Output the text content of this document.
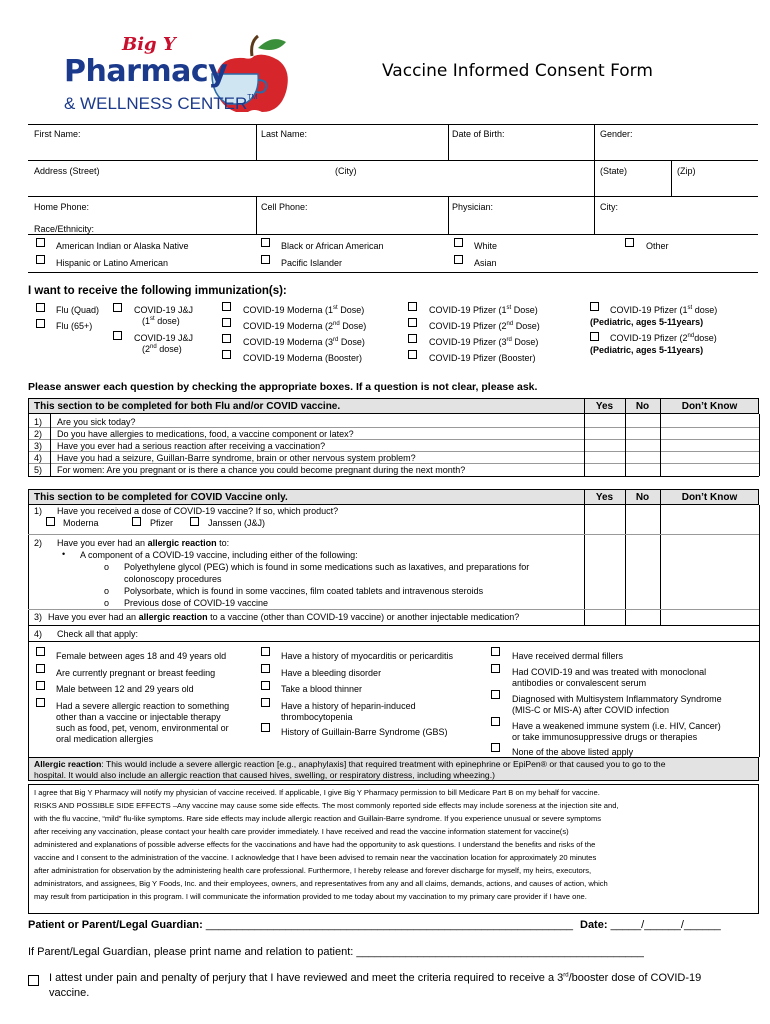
Big Y
Pharmacy
& WELLNESS CENTER™
Vaccine Informed Consent Form
First Name:	Last Name:	Date of Birth:	Gender:
Address (Street)	(City)	(State)	(Zip)
Home Phone:	Cell Phone:	Physician:	City:
Race/Ethnicity:
American Indian or Alaska Native	Black or African American	White	Other
Hispanic or Latino American	Pacific Islander	Asian
I want to receive the following immunization(s):
Flu (Quad)
Flu (65+)
COVID-19 J&J
(1st dose)
COVID-19 J&J
(2nd dose)
COVID-19 Moderna (1st Dose)
COVID-19 Moderna (2nd Dose)
COVID-19 Moderna (3rd Dose)
COVID-19 Moderna (Booster)
COVID-19 Pfizer (1st Dose)
COVID-19 Pfizer (2nd Dose)
COVID-19 Pfizer (3rd Dose)
COVID-19 Pfizer (Booster)
COVID-19 Pfizer (1st dose)
(Pediatric, ages 5-11years)
COVID-19 Pfizer (2nddose)
(Pediatric, ages 5-11years)
Please answer each question by checking the appropriate boxes. If a question is not clear, please ask.
This section to be completed for both Flu and/or COVID vaccine.	Yes	No	Don’t Know
1) Are you sick today?
2) Do you have allergies to medications, food, a vaccine component or latex?
3) Have you ever had a serious reaction after receiving a vaccination?
4) Have you had a seizure, Guillan-Barre syndrome, brain or other nervous system problem?
5) For women: Are you pregnant or is there a chance you could become pregnant during the next month?
This section to be completed for COVID Vaccine only.	Yes	No	Don’t Know
1) Have you received a dose of COVID-19 vaccine? If so, which product?
Moderna	Pfizer	Janssen (J&J)
2) Have you ever had an allergic reaction to:
• A component of a COVID-19 vaccine, including either of the following:
o Polyethylene glycol (PEG) which is found in some medications such as laxatives, and preparations for
colonoscopy procedures
o Polysorbate, which is found in some vaccines, film coated tablets and intravenous steroids
o Previous dose of COVID-19 vaccine
3) Have you ever had an allergic reaction to a vaccine (other than COVID-19 vaccine) or another injectable medication?
4) Check all that apply:
Female between ages 18 and 49 years old
Are currently pregnant or breast feeding
Male between 12 and 29 years old
Had a severe allergic reaction to something
other than a vaccine or injectable therapy
such as food, pet, venom, environmental or
oral medication allergies
Have a history of myocarditis or pericarditis
Have a bleeding disorder
Take a blood thinner
Have a history of heparin-induced
thrombocytopenia
History of Guillain-Barre Syndrome (GBS)
Have received dermal fillers
Had COVID-19 and was treated with monoclonal
antibodies or convalescent serum
Diagnosed with Multisystem Inflammatory Syndrome
(MIS-C or MIS-A) after COVID infection
Have a weakened immune system (i.e. HIV, Cancer)
or take immunosuppressive drugs or therapies
None of the above listed apply
Allergic reaction: This would include a severe allergic reaction [e.g., anaphylaxis] that required treatment with epinephrine or EpiPen® or that caused you to go to the
hospital. It would also include an allergic reaction that caused hives, swelling, or respiratory distress, including wheezing.)
I agree that Big Y Pharmacy will notify my physician of vaccine received. If applicable, I give Big Y Pharmacy permission to bill Medicare Part B on my behalf for vaccine.
RISKS AND POSSIBLE SIDE EFFECTS –Any vaccine may cause some side effects. The most commonly reported side effects may include soreness at the injection site and,
with the flu vaccine, “mild” flu-like symptoms. Rare side effects may include allergic reaction and Guillain-Barre syndrome. If you experience unusual or severe symptoms
after receiving any vaccination, please contact your health care provider immediately. I have received and read the vaccine information statement for vaccine(s)
administered and explanations of possible adverse effects for the vaccinations and have had the opportunity to ask questions. I understand the benefits and risks of the
vaccine and I consent to the administration of the vaccine. I acknowledge that I have been advised to remain near the vaccination location for approximately 20 minutes
after administration for observation by the administering health care professional. Furthermore, I hereby release and forever discharge for myself, my heirs, executors,
administrators, and assignees, Big Y Foods, Inc. and their employees, owners, and representatives from any and all claims, demands, actions, and causes of action, which
may result from participation in this program. I will communicate the information provided to me today about my vaccination to my primary care provider if I have one.
Patient or Parent/Legal Guardian: ____________________________________________________________ Date: _____/______/______
If Parent/Legal Guardian, please print name and relation to patient: _______________________________________________
I attest under pain and penalty of perjury that I have reviewed and meet the criteria required to receive a 3rd/booster dose of COVID-19
vaccine.
